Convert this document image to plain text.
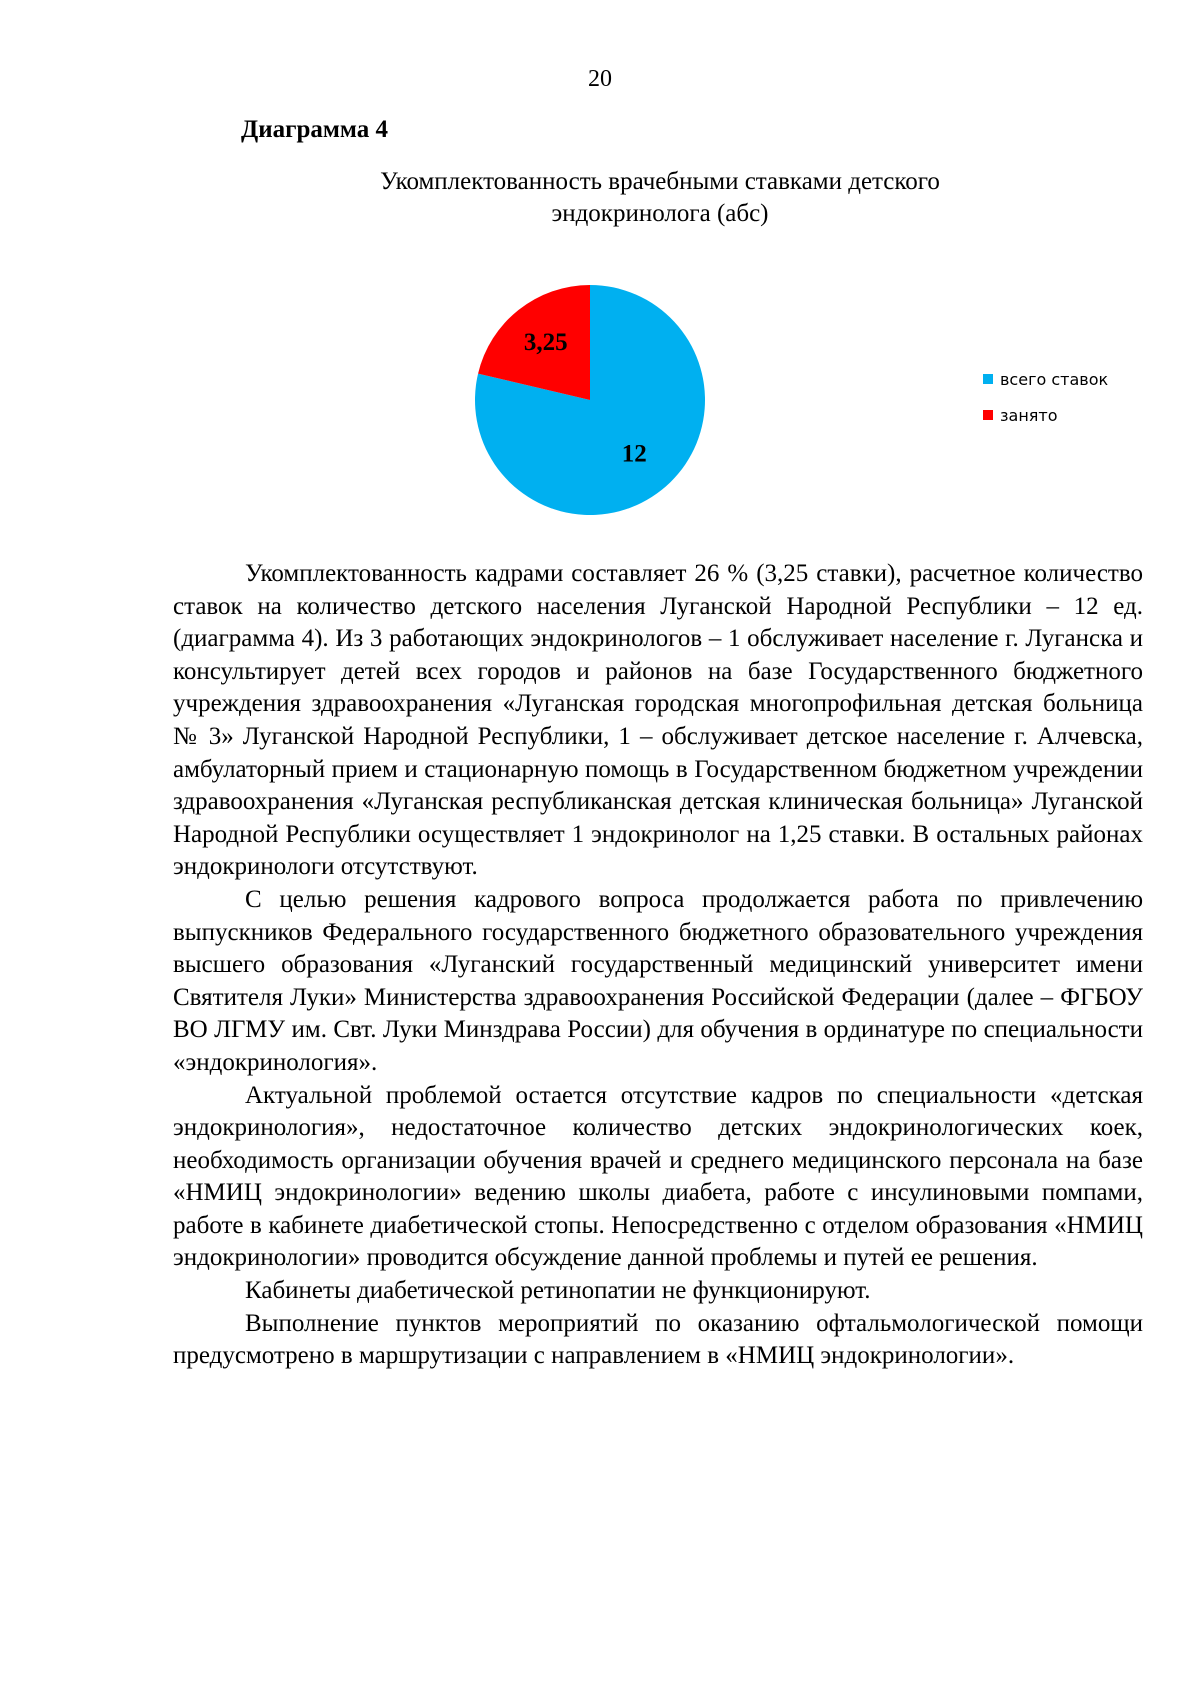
20
Диаграмма 4
Укомплектованность врачебными ставками детского
эндокринолога (абс)
12
3,25
всего ставок
занято

Укомплектованность кадрами составляет 26 % (3,25 ставки), расчетное количество ставок на количество детского населения Луганской Народной Республики – 12 ед. (диаграмма 4). Из 3 работающих эндокринологов – 1 обслуживает население г. Луганска и консультирует детей всех городов и районов на базе Государственного бюджетного учреждения здравоохранения «Луганская городская многопрофильная детская больница № 3» Луганской Народной Республики, 1 – обслуживает детское население г. Алчевска, амбулаторный прием и стационарную помощь в Государственном бюджетном учреждении здравоохранения «Луганская республиканская детская клиническая больница» Луганской Народной Республики осуществляет 1 эндокринолог на 1,25 ставки. В остальных районах эндокринологи отсутствуют.

С целью решения кадрового вопроса продолжается работа по привлечению выпускников Федерального государственного бюджетного образовательного учреждения высшего образования «Луганский государственный медицинский университет имени Святителя Луки» Министерства здравоохранения Российской Федерации (далее – ФГБОУ ВО ЛГМУ им. Свт. Луки Минздрава России) для обучения в ординатуре по специальности «эндокринология».

Актуальной проблемой остается отсутствие кадров по специальности «детская эндокринология», недостаточное количество детских эндокринологических коек, необходимость организации обучения врачей и среднего медицинского персонала на базе «НМИЦ эндокринологии» ведению школы диабета, работе с инсулиновыми помпами, работе в кабинете диабетической стопы. Непосредственно с отделом образования «НМИЦ эндокринологии» проводится обсуждение данной проблемы и путей ее решения.

Кабинеты диабетической ретинопатии не функционируют.

Выполнение пунктов мероприятий по оказанию офтальмологической помощи предусмотрено в маршрутизации с направлением в «НМИЦ эндокринологии».
